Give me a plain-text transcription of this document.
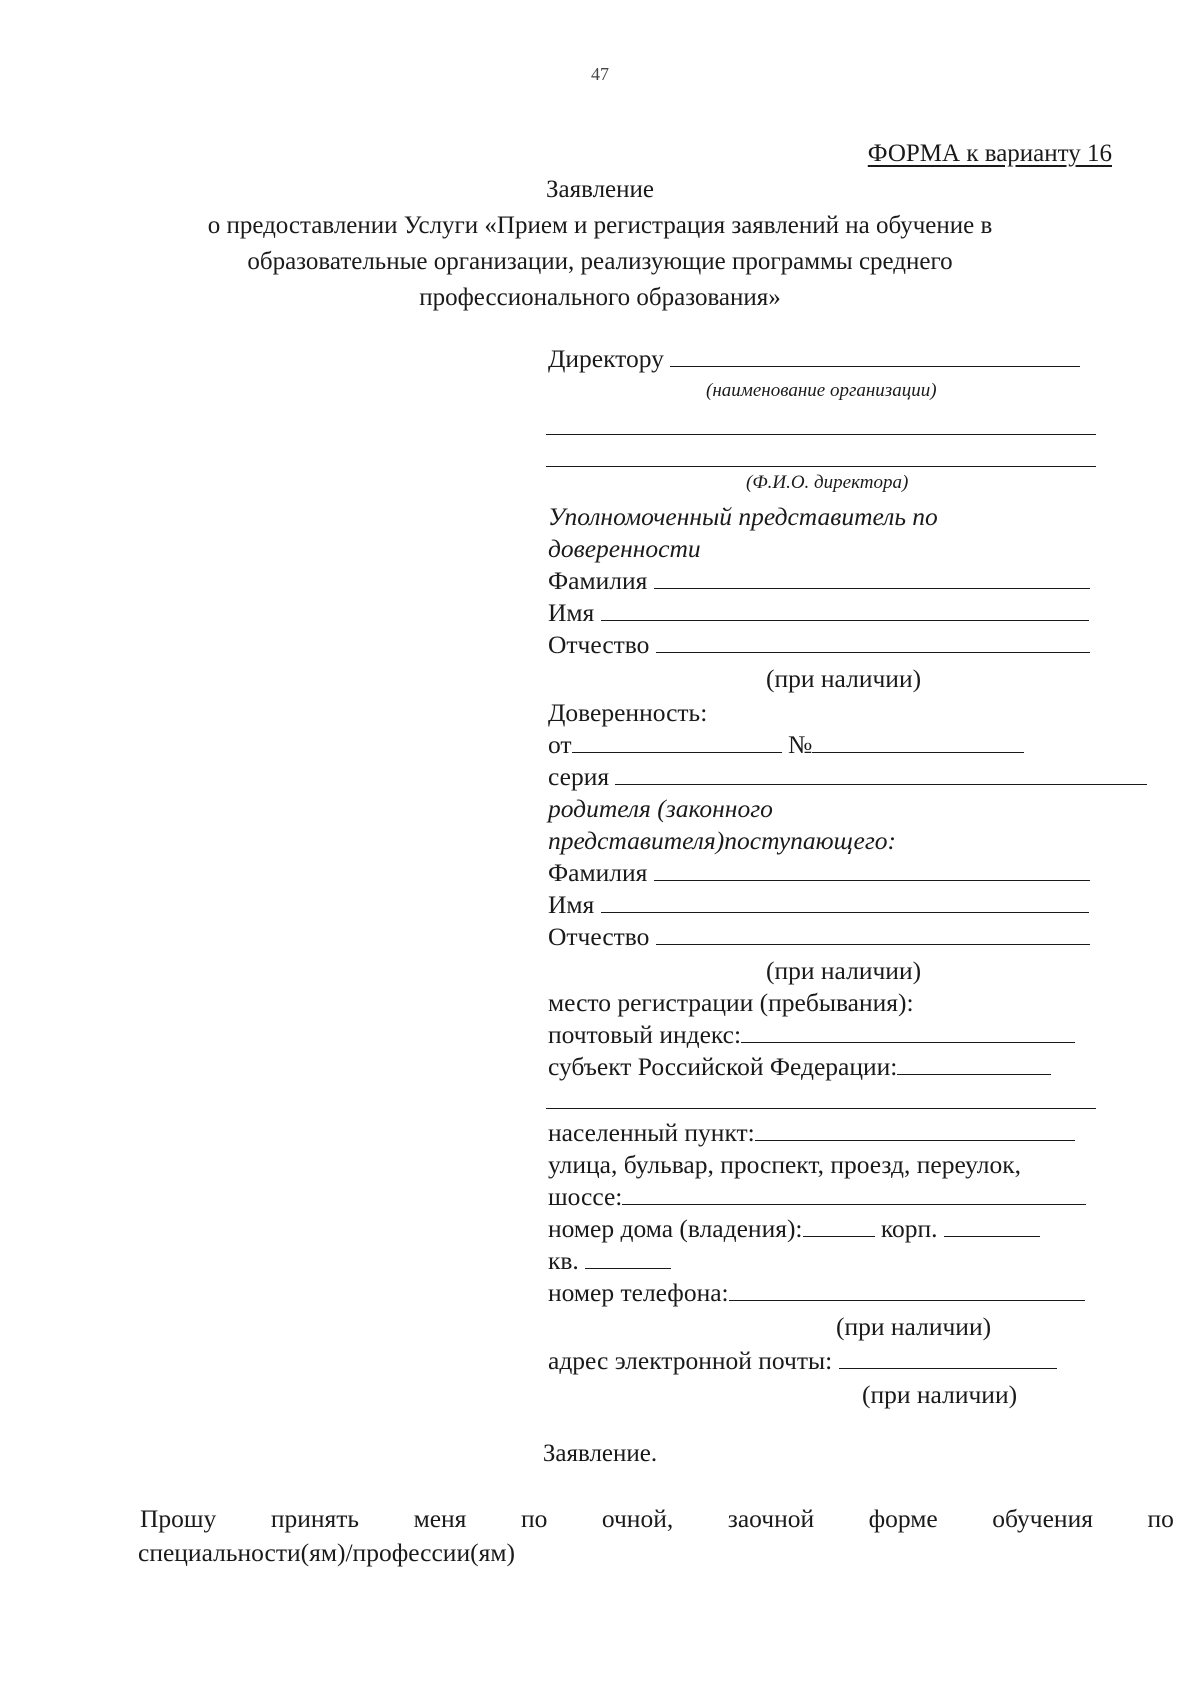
47
ФОРМА к варианту 16
Заявление
о предоставлении Услуги «Прием и регистрация заявлений на обучение в
образовательные организации, реализующие программы среднего
профессионального образования»
Директору
(наименование организации)
(Ф.И.О. директора)
Уполномоченный представитель по
доверенности
Фамилия
Имя
Отчество
(при наличии)
Доверенность:
от	№
серия
родителя (законного
представителя)поступающего:
Фамилия
Имя
Отчество
(при наличии)
место регистрации (пребывания):
почтовый индекс:
субъект Российской Федерации:
населенный пункт:
улица, бульвар, проспект, проезд, переулок,
шоссе:
номер дома (владения):	корп.
кв.
номер телефона:
(при наличии)
адрес электронной почты:
(при наличии)
Заявление.
Прошу принять меня по очной, заочной форме обучения по
специальности(ям)/профессии(ям)
